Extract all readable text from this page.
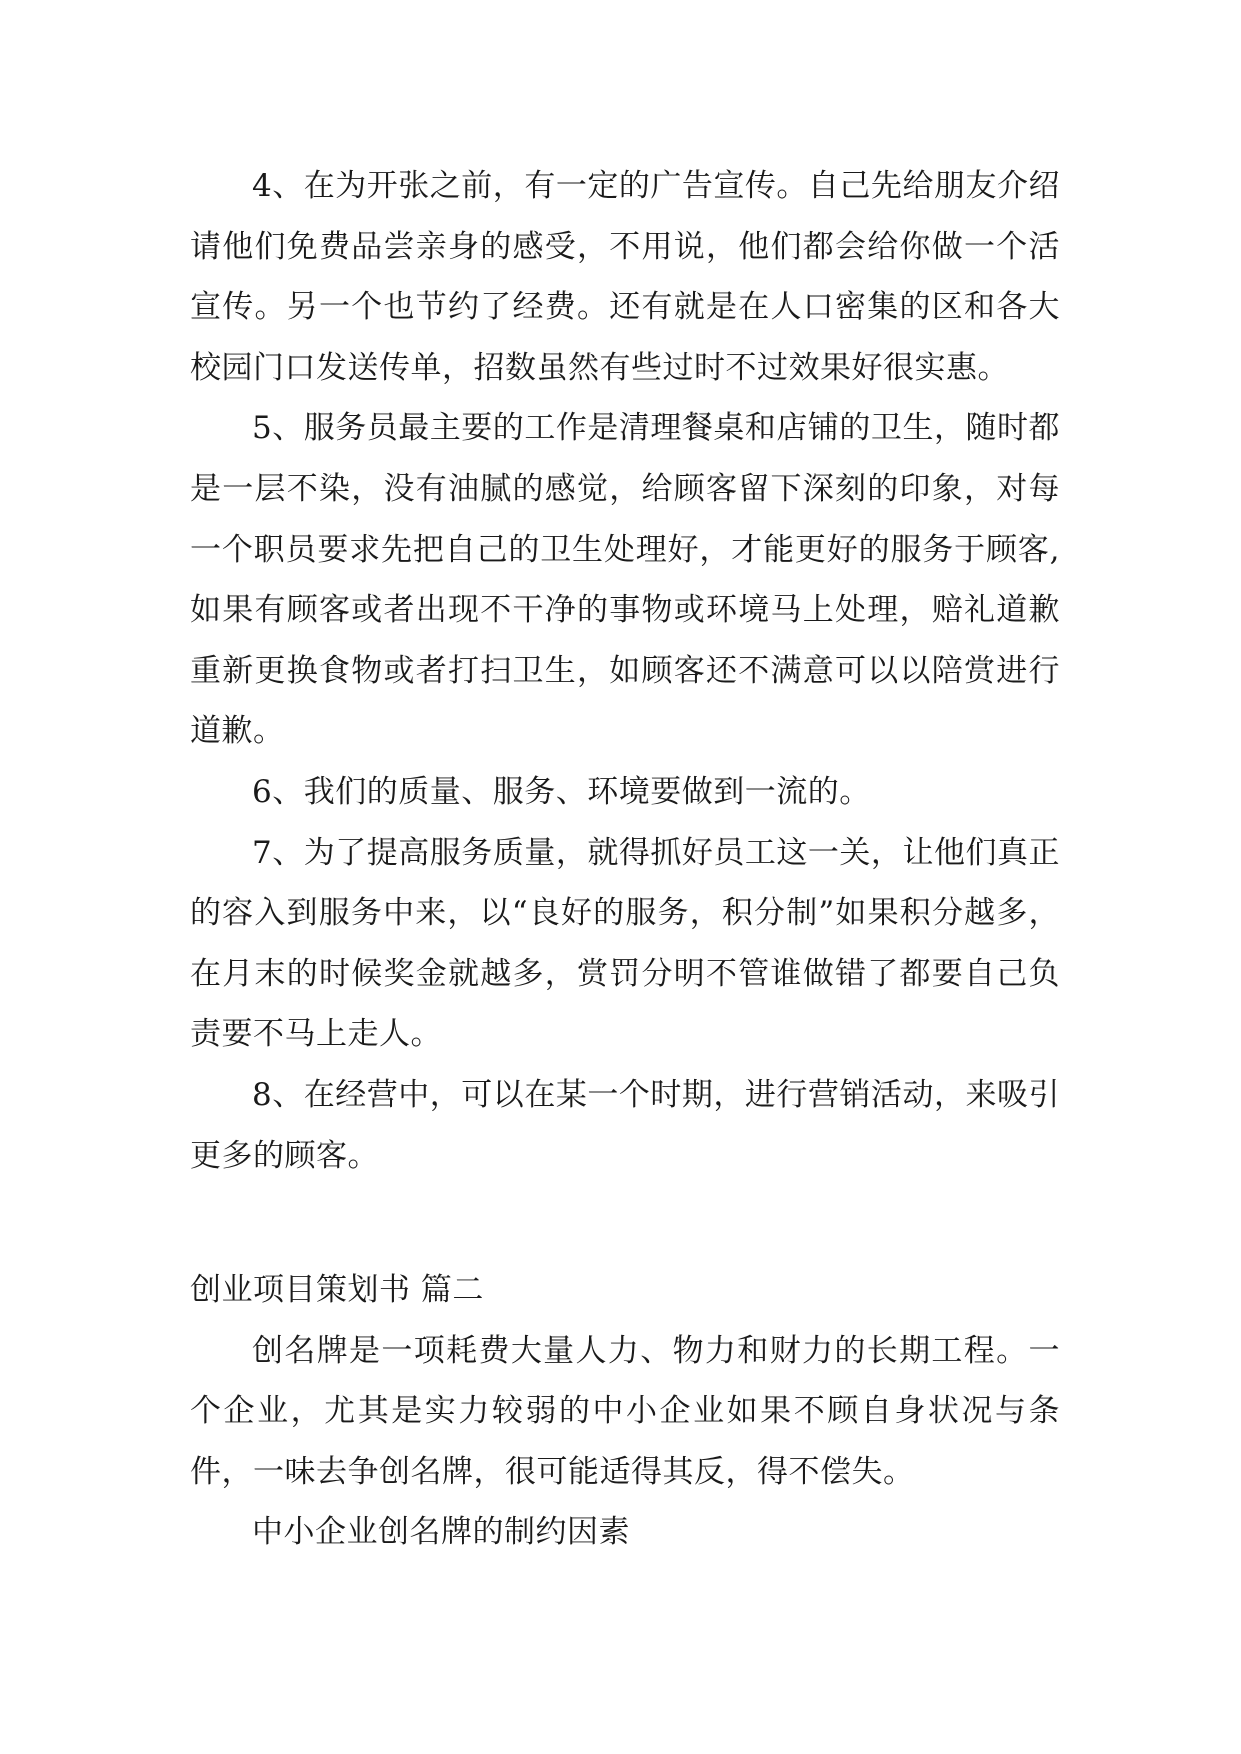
4、在为开张之前，有一定的广告宣传。自己先给朋友介绍请他们免费品尝亲身的感受，不用说，他们都会给你做一个活宣传。另一个也节约了经费。还有就是在人口密集的区和各大校园门口发送传单，招数虽然有些过时不过效果好很实惠。

5、服务员最主要的工作是清理餐桌和店铺的卫生，随时都是一层不染，没有油腻的感觉，给顾客留下深刻的印象，对每一个职员要求先把自己的卫生处理好，才能更好的服务于顾客,如果有顾客或者出现不干净的事物或环境马上处理，赔礼道歉重新更换食物或者打扫卫生，如顾客还不满意可以以陪赏进行道歉。

6、我们的质量、服务、环境要做到一流的。

7、为了提高服务质量，就得抓好员工这一关，让他们真正的容入到服务中来，以“良好的服务，积分制”如果积分越多，在月末的时候奖金就越多，赏罚分明不管谁做错了都要自己负责要不马上走人。

8、在经营中，可以在某一个时期，进行营销活动，来吸引更多的顾客。

创业项目策划书 篇二

创名牌是一项耗费大量人力、物力和财力的长期工程。一个企业，尤其是实力较弱的中小企业如果不顾自身状况与条件，一味去争创名牌，很可能适得其反，得不偿失。

中小企业创名牌的制约因素
